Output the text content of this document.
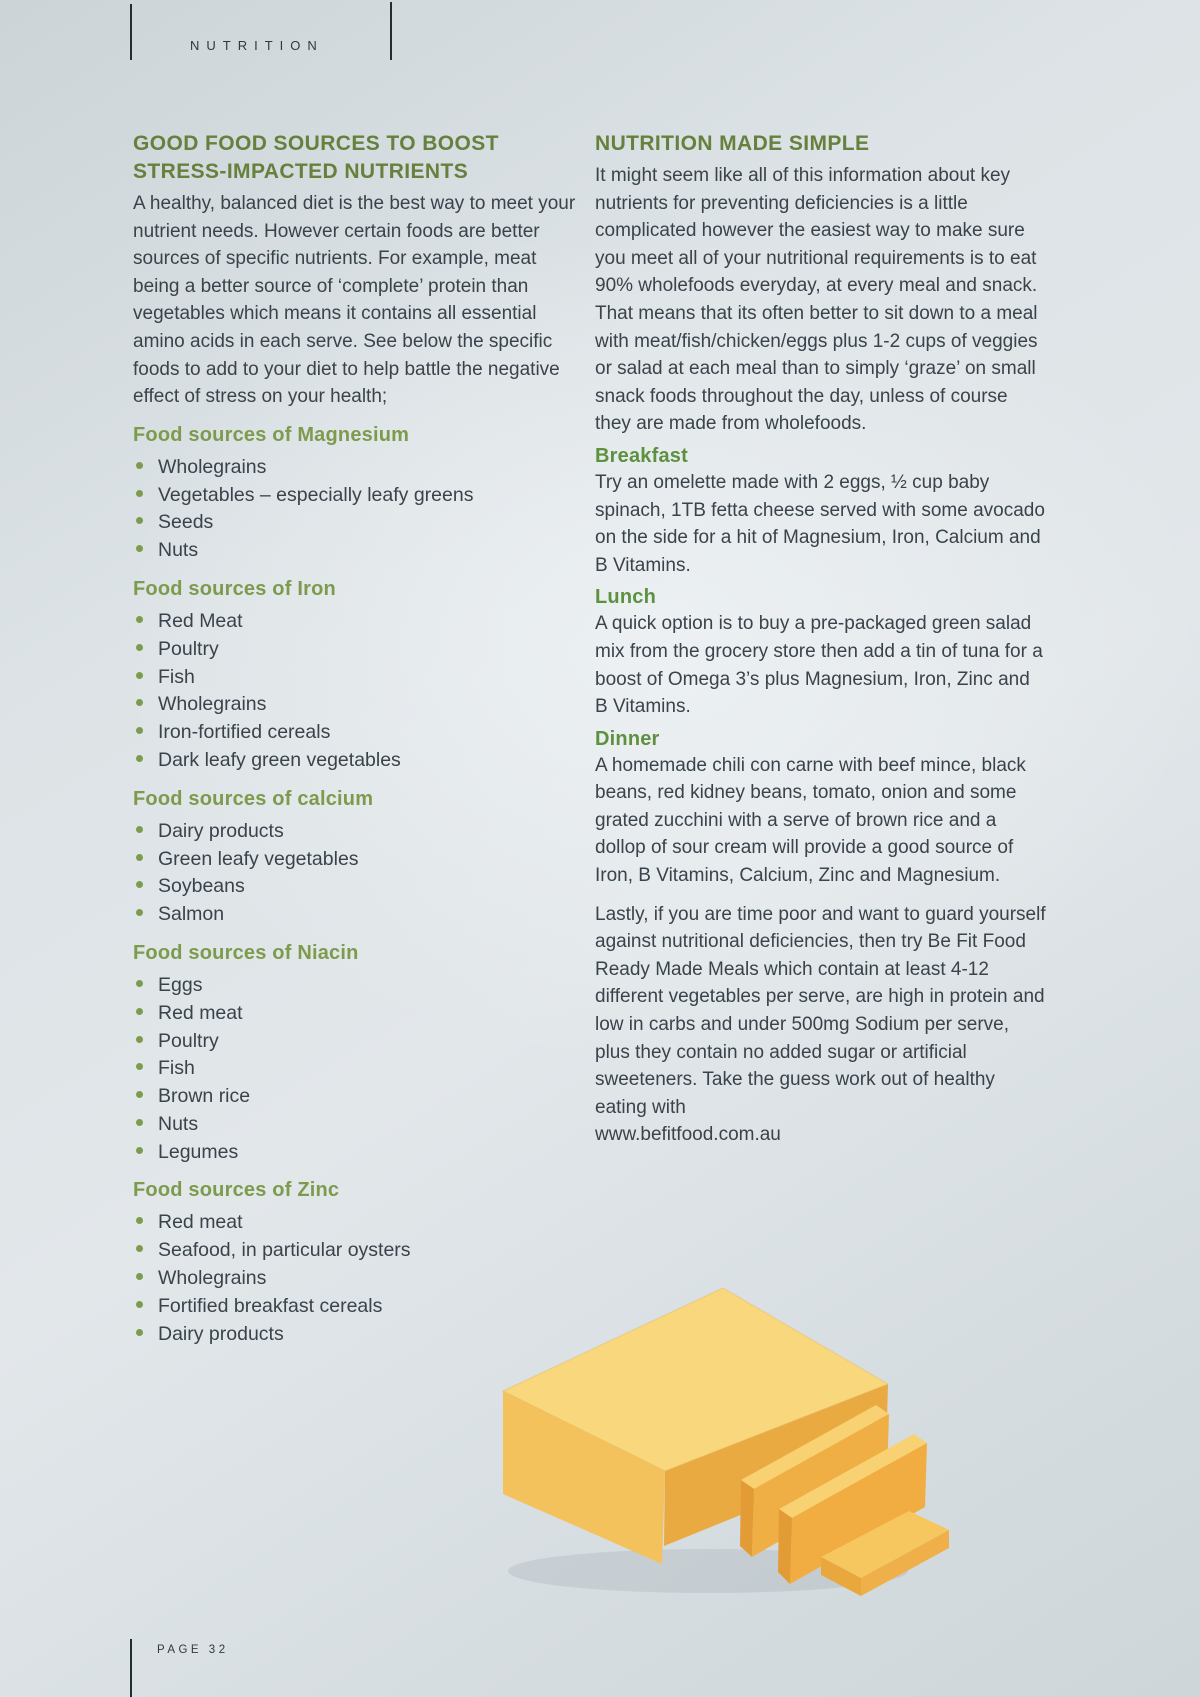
NUTRITION
GOOD FOOD SOURCES TO BOOST STRESS-IMPACTED NUTRIENTS

A healthy, balanced diet is the best way to meet your nutrient needs. However certain foods are better sources of specific nutrients. For example, meat being a better source of ‘complete’ protein than vegetables which means it contains all essential amino acids in each serve. See below the specific foods to add to your diet to help battle the negative effect of stress on your health;

Food sources of Magnesium
Wholegrains
Vegetables – especially leafy greens
Seeds
Nuts
Food sources of Iron
Red Meat
Poultry
Fish
Wholegrains
Iron-fortified cereals
Dark leafy green vegetables
Food sources of calcium
Dairy products
Green leafy vegetables
Soybeans
Salmon
Food sources of Niacin
Eggs
Red meat
Poultry
Fish
Brown rice
Nuts
Legumes
Food sources of Zinc
Red meat
Seafood, in particular oysters
Wholegrains
Fortified breakfast cereals
Dairy products
NUTRITION MADE SIMPLE

It might seem like all of this information about key nutrients for preventing deficiencies is a little complicated however the easiest way to make sure you meet all of your nutritional requirements is to eat 90% wholefoods everyday, at every meal and snack. That means that its often better to sit down to a meal with meat/fish/chicken/eggs plus 1-2 cups of veggies or salad at each meal than to simply ‘graze’ on small snack foods throughout the day, unless of course they are made from wholefoods.

Breakfast

Try an omelette made with 2 eggs, ½ cup baby spinach, 1TB fetta cheese served with some avocado on the side for a hit of Magnesium, Iron, Calcium and B Vitamins.

Lunch

A quick option is to buy a pre-packaged green salad mix from the grocery store then add a tin of tuna for a boost of Omega 3’s plus Magnesium, Iron, Zinc and B Vitamins.

Dinner

A homemade chili con carne with beef mince, black beans, red kidney beans, tomato, onion and some grated zucchini with a serve of brown rice and a dollop of sour cream will provide a good source of Iron, B Vitamins, Calcium, Zinc and Magnesium.

Lastly, if you are time poor and want to guard yourself against nutritional deficiencies, then try Be Fit Food Ready Made Meals which contain at least 4-12 different vegetables per serve, are high in protein and low in carbs and under 500mg Sodium per serve, plus they contain no added sugar or artificial sweeteners. Take the guess work out of healthy eating with

www.befitfood.com.au
PAGE 32
